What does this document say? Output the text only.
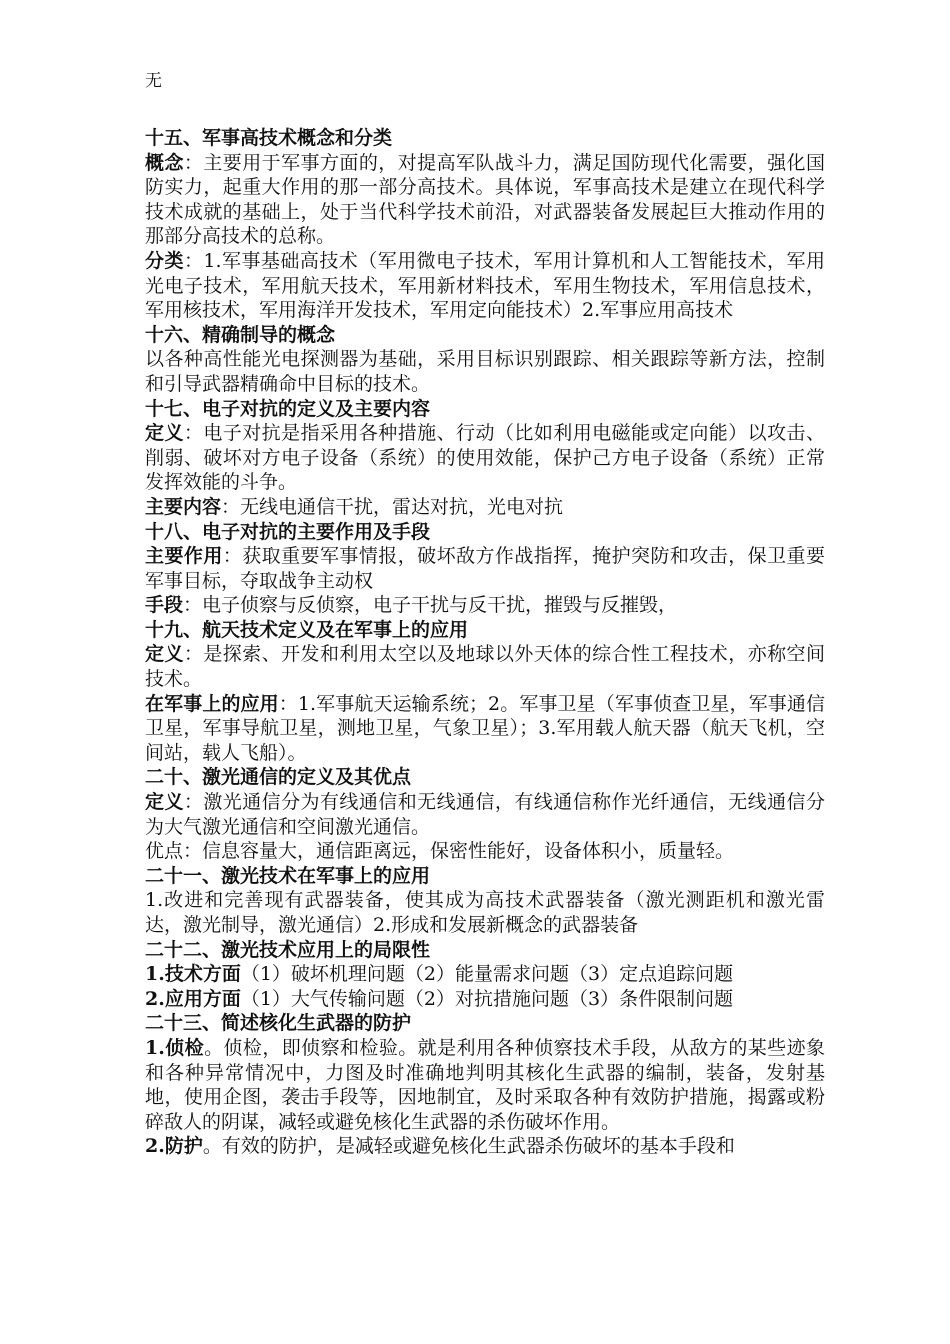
无

十五、军事高技术概念和分类

概念：主要用于军事方面的，对提高军队战斗力，满足国防现代化需要，强化国防实力，起重大作用的那一部分高技术。具体说，军事高技术是建立在现代科学技术成就的基础上，处于当代科学技术前沿，对武器装备发展起巨大推动作用的那部分高技术的总称。

分类：1.军事基础高技术（军用微电子技术，军用计算机和人工智能技术，军用光电子技术，军用航天技术，军用新材料技术，军用生物技术，军用信息技术，军用核技术，军用海洋开发技术，军用定向能技术）2.军事应用高技术

十六、精确制导的概念

以各种高性能光电探测器为基础，采用目标识别跟踪、相关跟踪等新方法，控制和引导武器精确命中目标的技术。

十七、电子对抗的定义及主要内容

定义：电子对抗是指采用各种措施、行动（比如利用电磁能或定向能）以攻击、削弱、破坏对方电子设备（系统）的使用效能，保护己方电子设备（系统）正常发挥效能的斗争。

主要内容：无线电通信干扰，雷达对抗，光电对抗

十八、电子对抗的主要作用及手段

主要作用：获取重要军事情报，破坏敌方作战指挥，掩护突防和攻击，保卫重要军事目标，夺取战争主动权

手段：电子侦察与反侦察，电子干扰与反干扰，摧毁与反摧毁，

十九、航天技术定义及在军事上的应用

定义：是探索、开发和利用太空以及地球以外天体的综合性工程技术，亦称空间技术。

在军事上的应用：1.军事航天运输系统；2。军事卫星（军事侦查卫星，军事通信卫星，军事导航卫星，测地卫星，气象卫星）；3.军用载人航天器（航天飞机，空间站，载人飞船）。

二十、激光通信的定义及其优点

定义：激光通信分为有线通信和无线通信，有线通信称作光纤通信，无线通信分为大气激光通信和空间激光通信。

优点：信息容量大，通信距离远，保密性能好，设备体积小，质量轻。

二十一、激光技术在军事上的应用

1.改进和完善现有武器装备，使其成为高技术武器装备（激光测距机和激光雷达，激光制导，激光通信）2.形成和发展新概念的武器装备

二十二、激光技术应用上的局限性

1.技术方面（1）破坏机理问题（2）能量需求问题（3）定点追踪问题

2.应用方面（1）大气传输问题（2）对抗措施问题（3）条件限制问题

二十三、简述核化生武器的防护

1.侦检。侦检，即侦察和检验。就是利用各种侦察技术手段，从敌方的某些迹象和各种异常情况中，力图及时准确地判明其核化生武器的编制，装备，发射基地，使用企图，袭击手段等，因地制宜，及时采取各种有效防护措施，揭露或粉碎敌人的阴谋，减轻或避免核化生武器的杀伤破坏作用。

2.防护。有效的防护，是减轻或避免核化生武器杀伤破坏的基本手段和
